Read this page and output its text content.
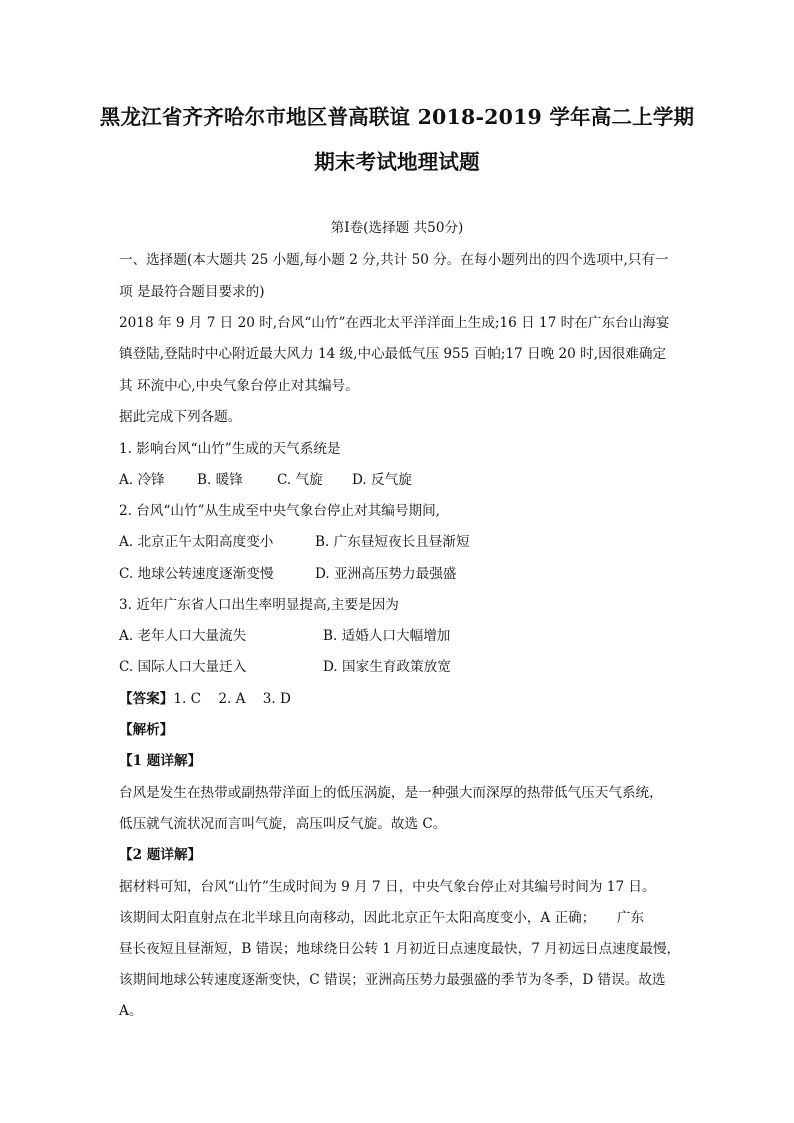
黑龙江省齐齐哈尔市地区普高联谊 2018-2019 学年高二上学期
期末考试地理试题
第Ⅰ卷(选择题 共50分)
一、选择题(本大题共 25 小题,每小题 2 分,共计 50 分。在每小题列出的四个选项中,只有一
项 是最符合题目要求的)
2018 年 9 月 7 日 20 时,台风“山竹”在西北太平洋洋面上生成;16 日 17 时在广东台山海宴
镇登陆,登陆时中心附近最大风力 14 级,中心最低气压 955 百帕;17 日晚 20 时,因很难确定
其 环流中心,中央气象台停止对其编号。
据此完成下列各题。
1. 影响台风“山竹”生成的天气系统是
A. 冷锋 B. 暖锋	C. 气旋 D. 反气旋
2. 台风“山竹”从生成至中央气象台停止对其编号期间,
A. 北京正午太阳高度变小	B. 广东昼短夜长且昼渐短
C. 地球公转速度逐渐变慢	D. 亚洲高压势力最强盛
3. 近年广东省人口出生率明显提高,主要是因为
A. 老年人口大量流失	B. 适婚人口大幅增加
C. 国际人口大量迁入	D. 国家生育政策放宽
【答案】1. C    2. A    3. D
【解析】
【1 题详解】
台风是发生在热带或副热带洋面上的低压涡旋，是一种强大而深厚的热带低气压天气系统，
低压就气流状况而言叫气旋，高压叫反气旋。故选 C。
【2 题详解】
据材料可知，台风“山竹”生成时间为 9 月 7 日，中央气象台停止对其编号时间为 17 日。
该期间太阳直射点在北半球且向南移动，因此北京正午太阳高度变小，A 正确；     广东
昼长夜短且昼渐短，B 错误；地球绕日公转 1 月初近日点速度最快，7 月初远日点速度最慢，
该期间地球公转速度逐渐变快，C 错误；亚洲高压势力最强盛的季节为冬季，D 错误。故选
A。
